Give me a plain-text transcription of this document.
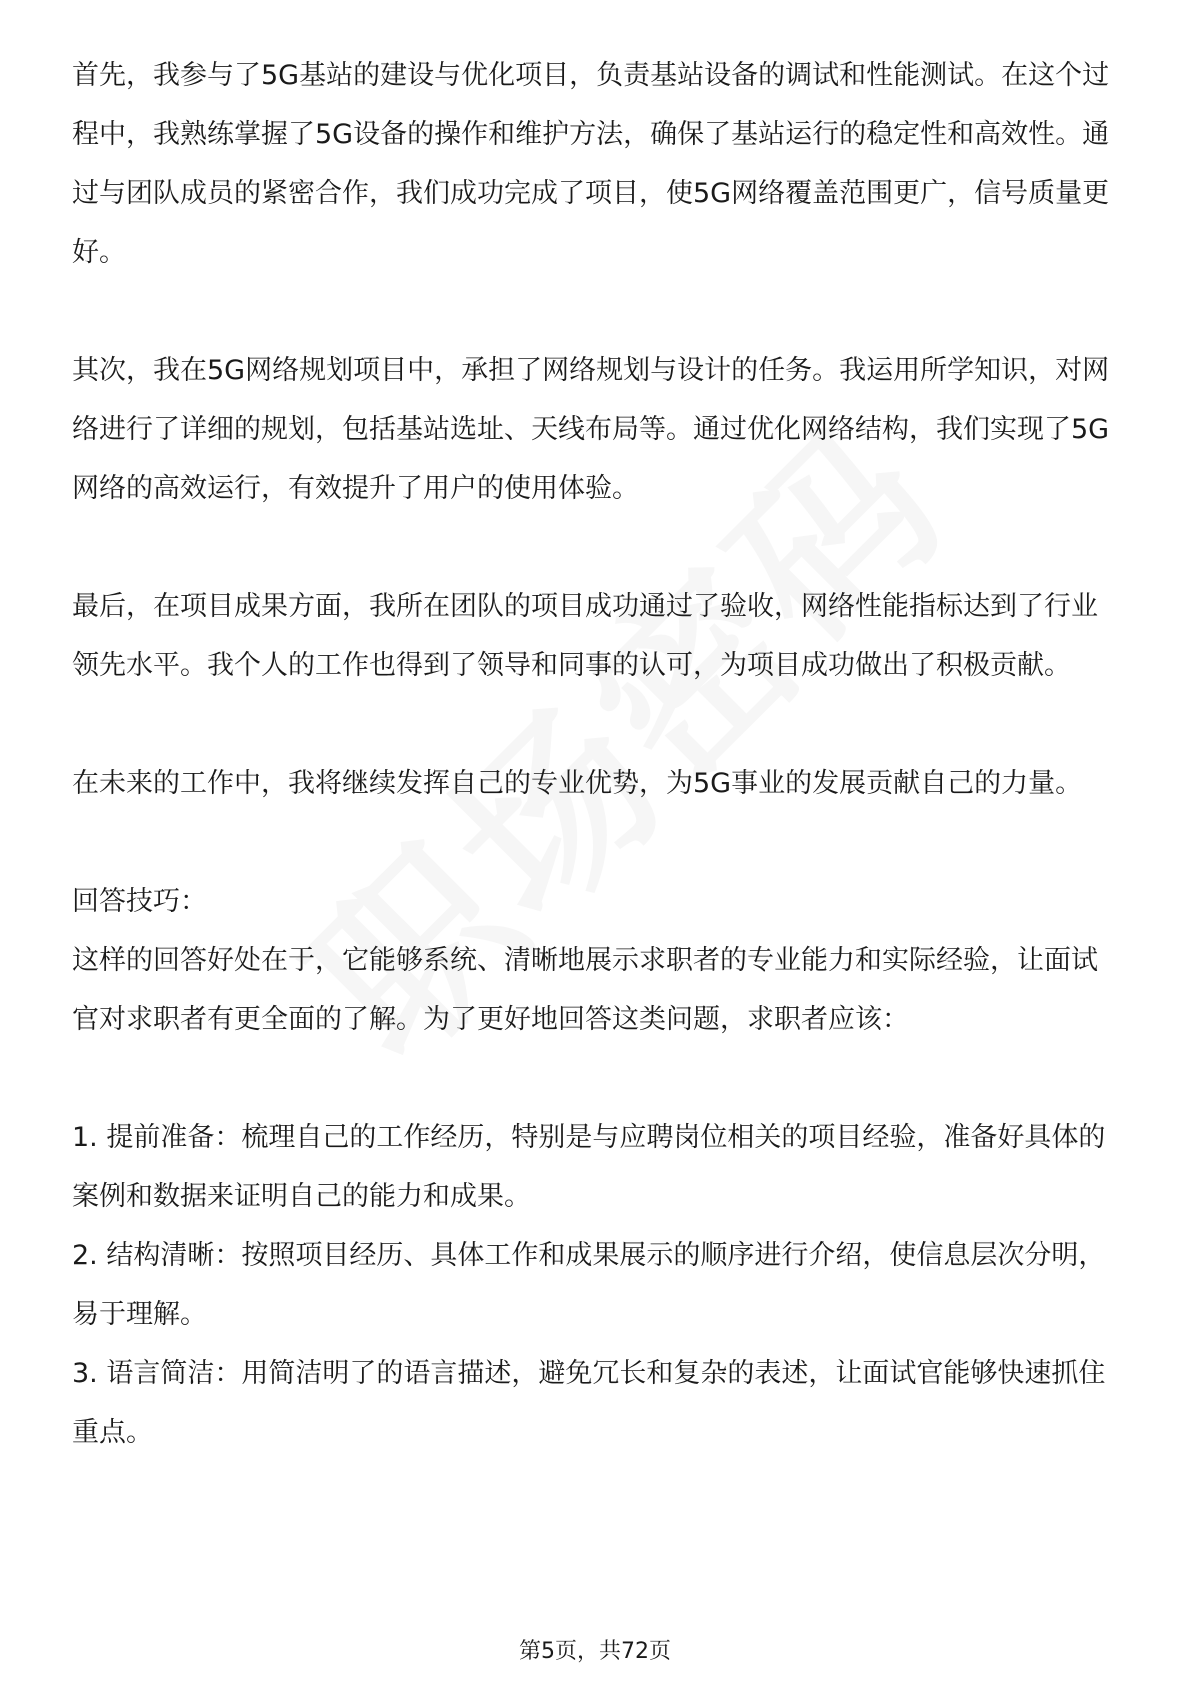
首先，我参与了5G基站的建设与优化项目，负责基站设备的调试和性能测试。在这个过程中，我熟练掌握了5G设备的操作和维护方法，确保了基站运行的稳定性和高效性。通过与团队成员的紧密合作，我们成功完成了项目，使5G网络覆盖范围更广，信号质量更好。

其次，我在5G网络规划项目中，承担了网络规划与设计的任务。我运用所学知识，对网络进行了详细的规划，包括基站选址、天线布局等。通过优化网络结构，我们实现了5G网络的高效运行，有效提升了用户的使用体验。

最后，在项目成果方面，我所在团队的项目成功通过了验收，网络性能指标达到了行业领先水平。我个人的工作也得到了领导和同事的认可，为项目成功做出了积极贡献。

在未来的工作中，我将继续发挥自己的专业优势，为5G事业的发展贡献自己的力量。

回答技巧：

这样的回答好处在于，它能够系统、清晰地展示求职者的专业能力和实际经验，让面试官对求职者有更全面的了解。为了更好地回答这类问题，求职者应该：

1. 提前准备：梳理自己的工作经历，特别是与应聘岗位相关的项目经验，准备好具体的案例和数据来证明自己的能力和成果。

2. 结构清晰：按照项目经历、具体工作和成果展示的顺序进行介绍，使信息层次分明，易于理解。

3. 语言简洁：用简洁明了的语言描述，避免冗长和复杂的表述，让面试官能够快速抓住重点。

第5页，共72页
